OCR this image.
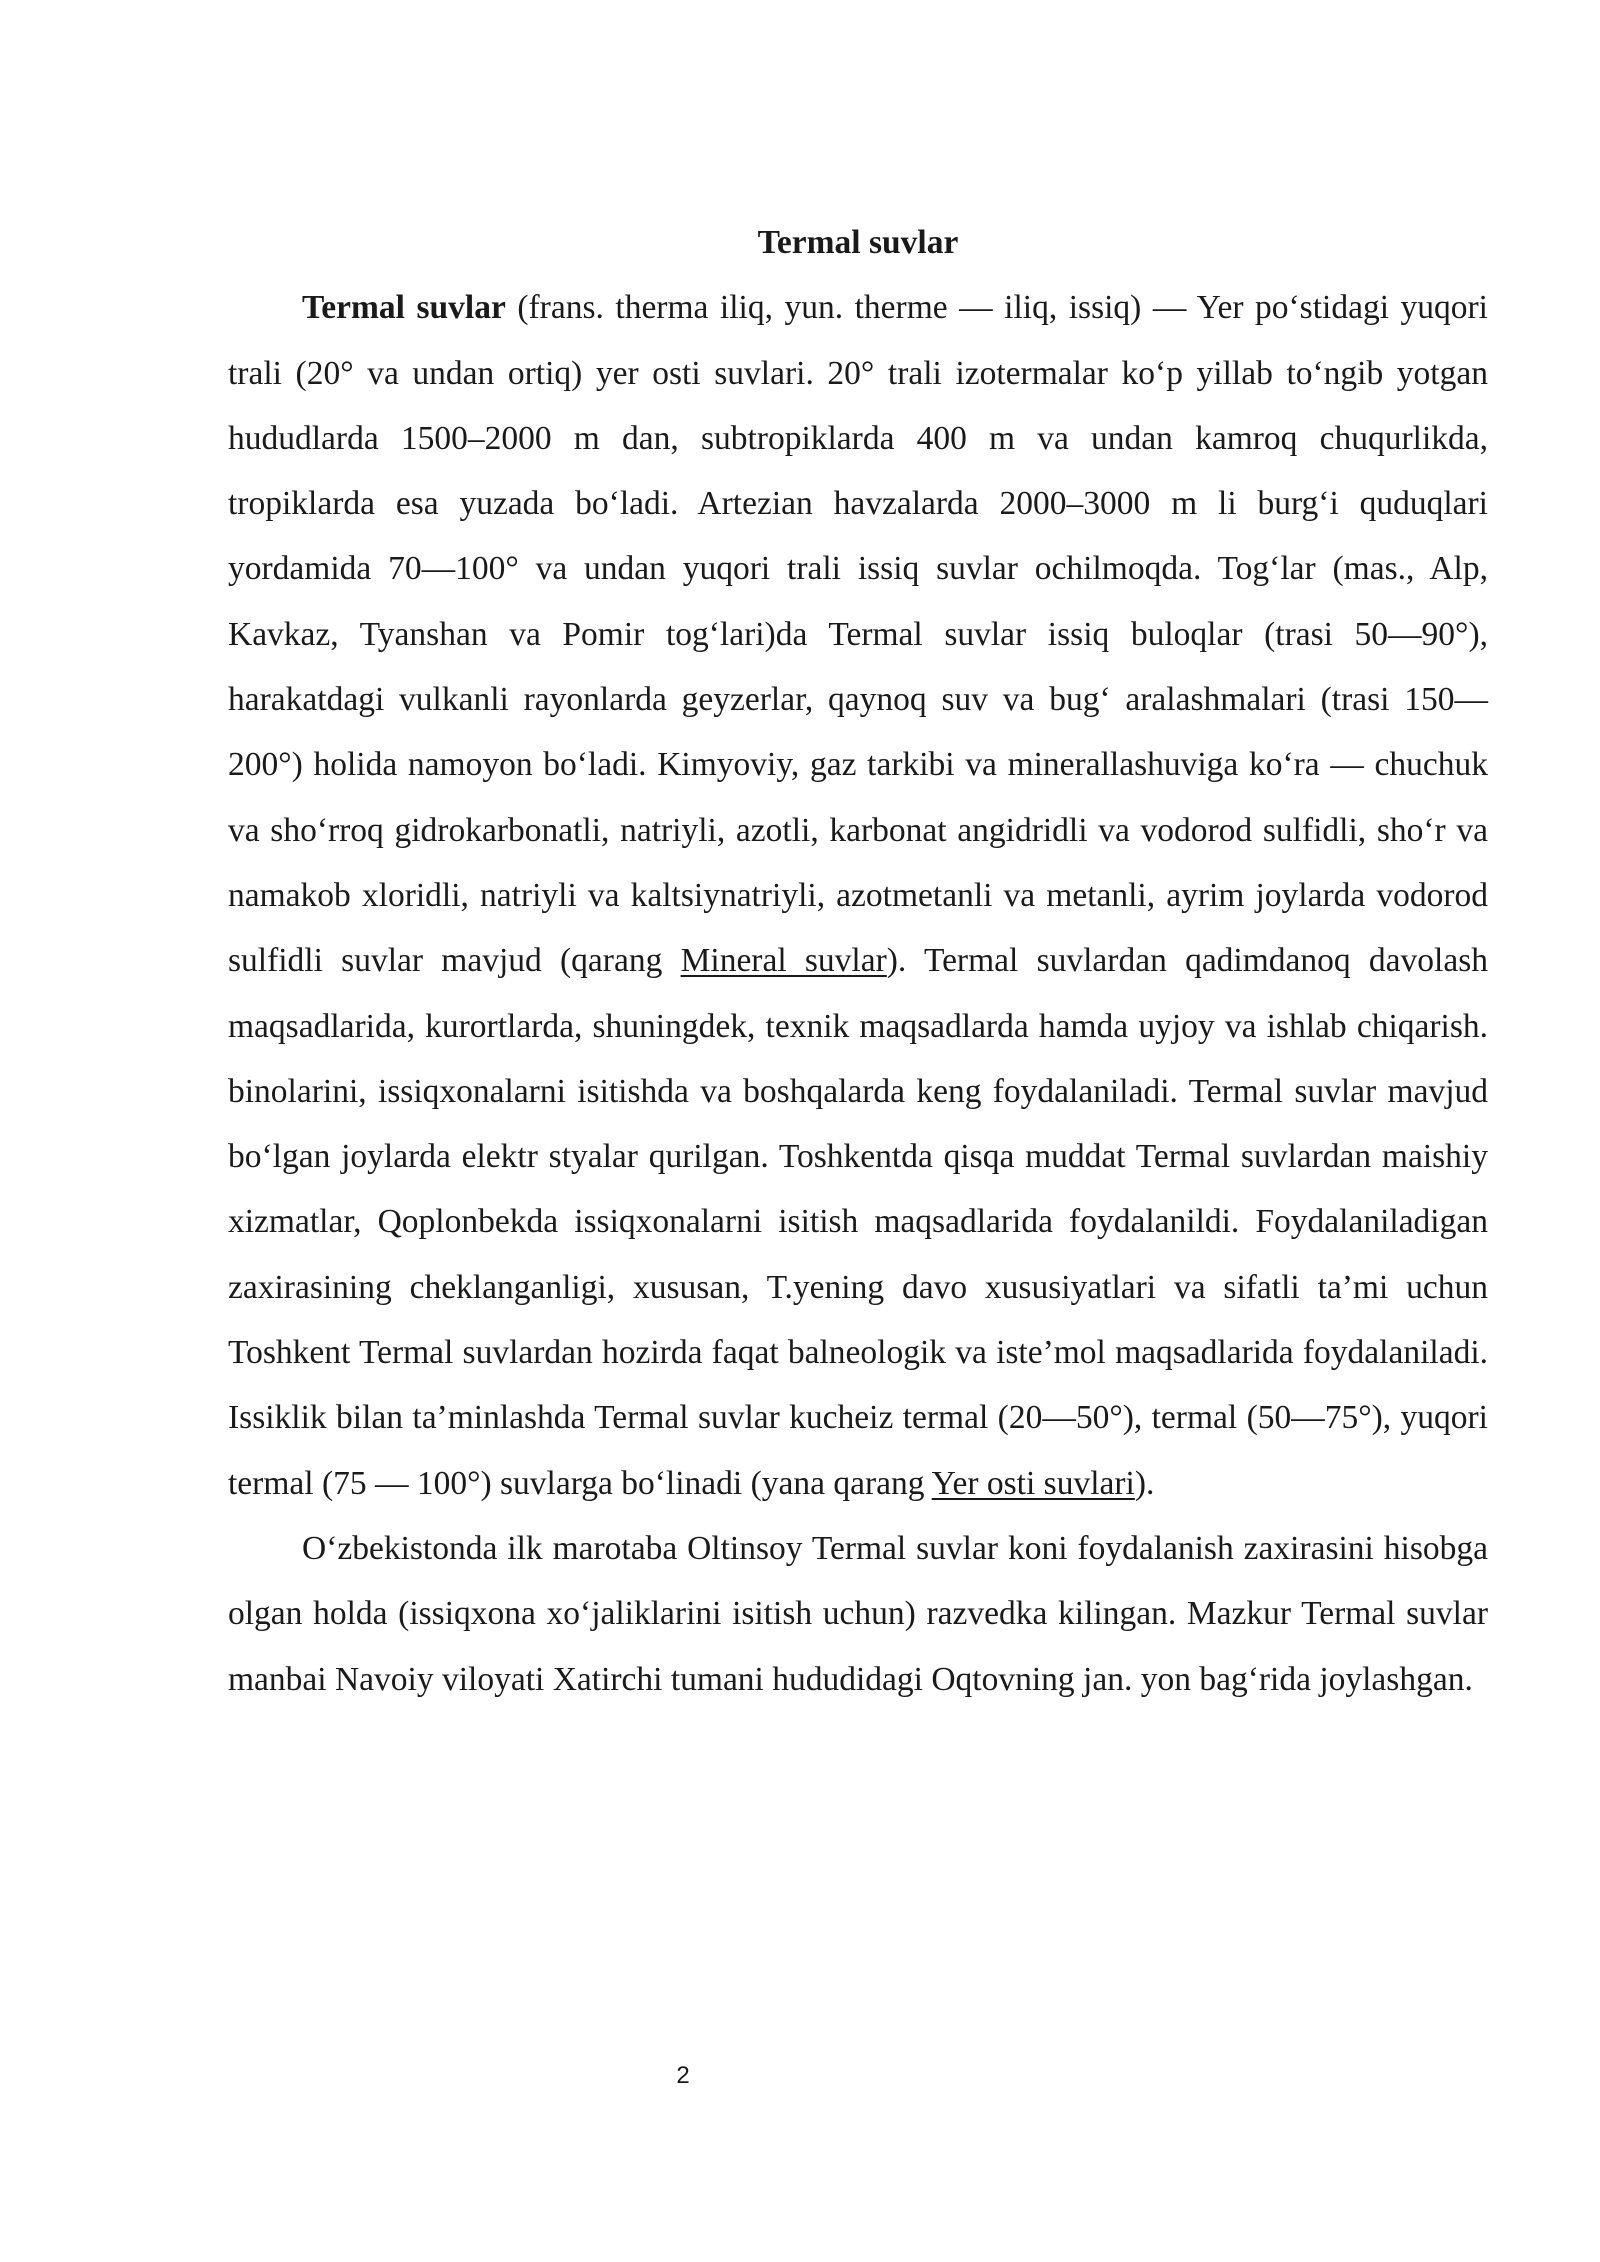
Termal suvlar

Termal suvlar (frans. therma iliq, yun. therme — iliq, issiq) — Yer po‘stidagi yuqori trali (20° va undan ortiq) yer osti suvlari. 20° trali izotermalar ko‘p yillab to‘ngib yotgan hududlarda 1500–2000 m dan, subtropiklarda 400 m va undan kamroq chuqurlikda, tropiklarda esa yuzada bo‘ladi. Artezian havzalarda 2000–3000 m li burg‘i quduqlari yordamida 70—100° va undan yuqori trali issiq suvlar ochilmoqda. Tog‘lar (mas., Alp, Kavkaz, Tyanshan va Pomir tog‘lari)da Termal suvlar issiq buloqlar (trasi 50—90°), harakatdagi vulkanli rayonlarda geyzerlar, qaynoq suv va bug‘ aralashmalari (trasi 150— 200°) holida namoyon bo‘ladi. Kimyoviy, gaz tarkibi va minerallashuviga ko‘ra — chuchuk va sho‘rroq gidrokarbonatli, natriyli, azotli, karbonat angidridli va vodorod sulfidli, sho‘r va namakob xloridli, natriyli va kaltsiynatriyli, azotmetanli va metanli, ayrim joylarda vodorod sulfidli suvlar mavjud (qarang Mineral suvlar). Termal suvlardan qadimdanoq davolash maqsadlarida, kurortlarda, shuningdek, texnik maqsadlarda hamda uyjoy va ishlab chiqarish. binolarini, issiqxonalarni isitishda va boshqalarda keng foydalaniladi. Termal suvlar mavjud bo‘lgan joylarda elektr styalar qurilgan. Toshkentda qisqa muddat Termal suvlardan maishiy xizmatlar, Qoplonbekda issiqxonalarni isitish maqsadlarida foydalanildi. Foydalaniladigan zaxirasining cheklanganligi, xususan, T.yening davo xususiyatlari va sifatli ta’mi uchun Toshkent Termal suvlardan hozirda faqat balneologik va iste’mol maqsadlarida foydalaniladi. Issiklik bilan ta’minlashda Termal suvlar kucheiz termal (20—50°), termal (50—75°), yuqori termal (75 — 100°) suvlarga bo‘linadi (yana qarang Yer osti suvlari).

O‘zbekistonda ilk marotaba Oltinsoy Termal suvlar koni foydalanish zaxirasini hisobga olgan holda (issiqxona xo‘jaliklarini isitish uchun) razvedka kilingan. Mazkur Termal suvlar manbai Navoiy viloyati Xatirchi tumani hududidagi Oqtovning jan. yon bag‘rida joylashgan.

2
